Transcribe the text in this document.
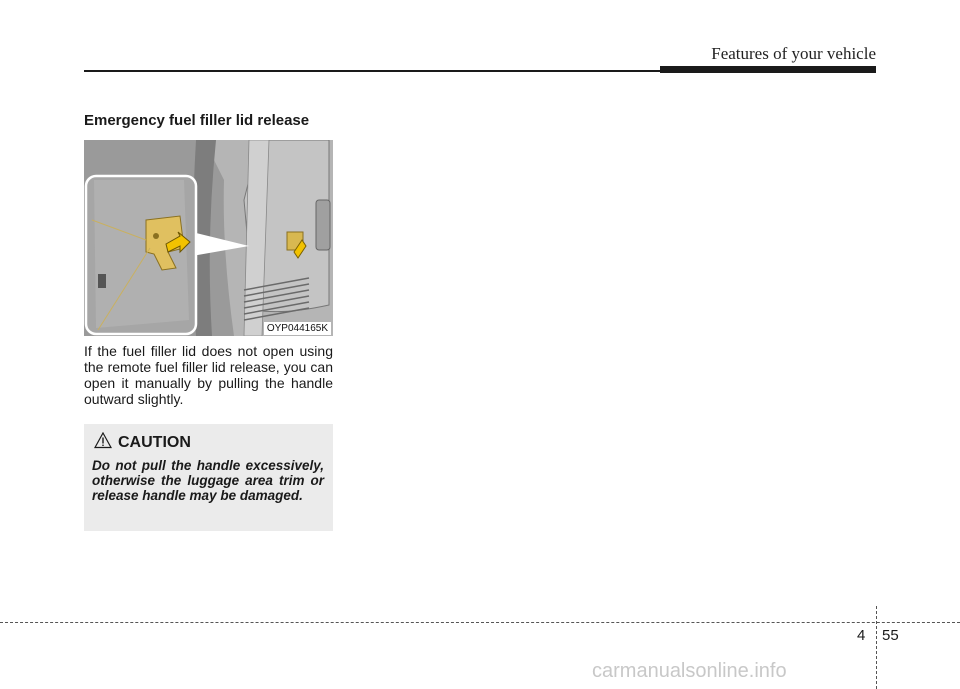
Features of your vehicle
Emergency fuel filler lid release
OYP044165K
If the fuel filler lid does not open using the remote fuel filler lid release, you can open it manually by pulling the handle outward slightly.
CAUTION
Do not pull the handle excessively, otherwise the luggage area trim or release handle may be damaged.
4 55
carmanualsonline.info
